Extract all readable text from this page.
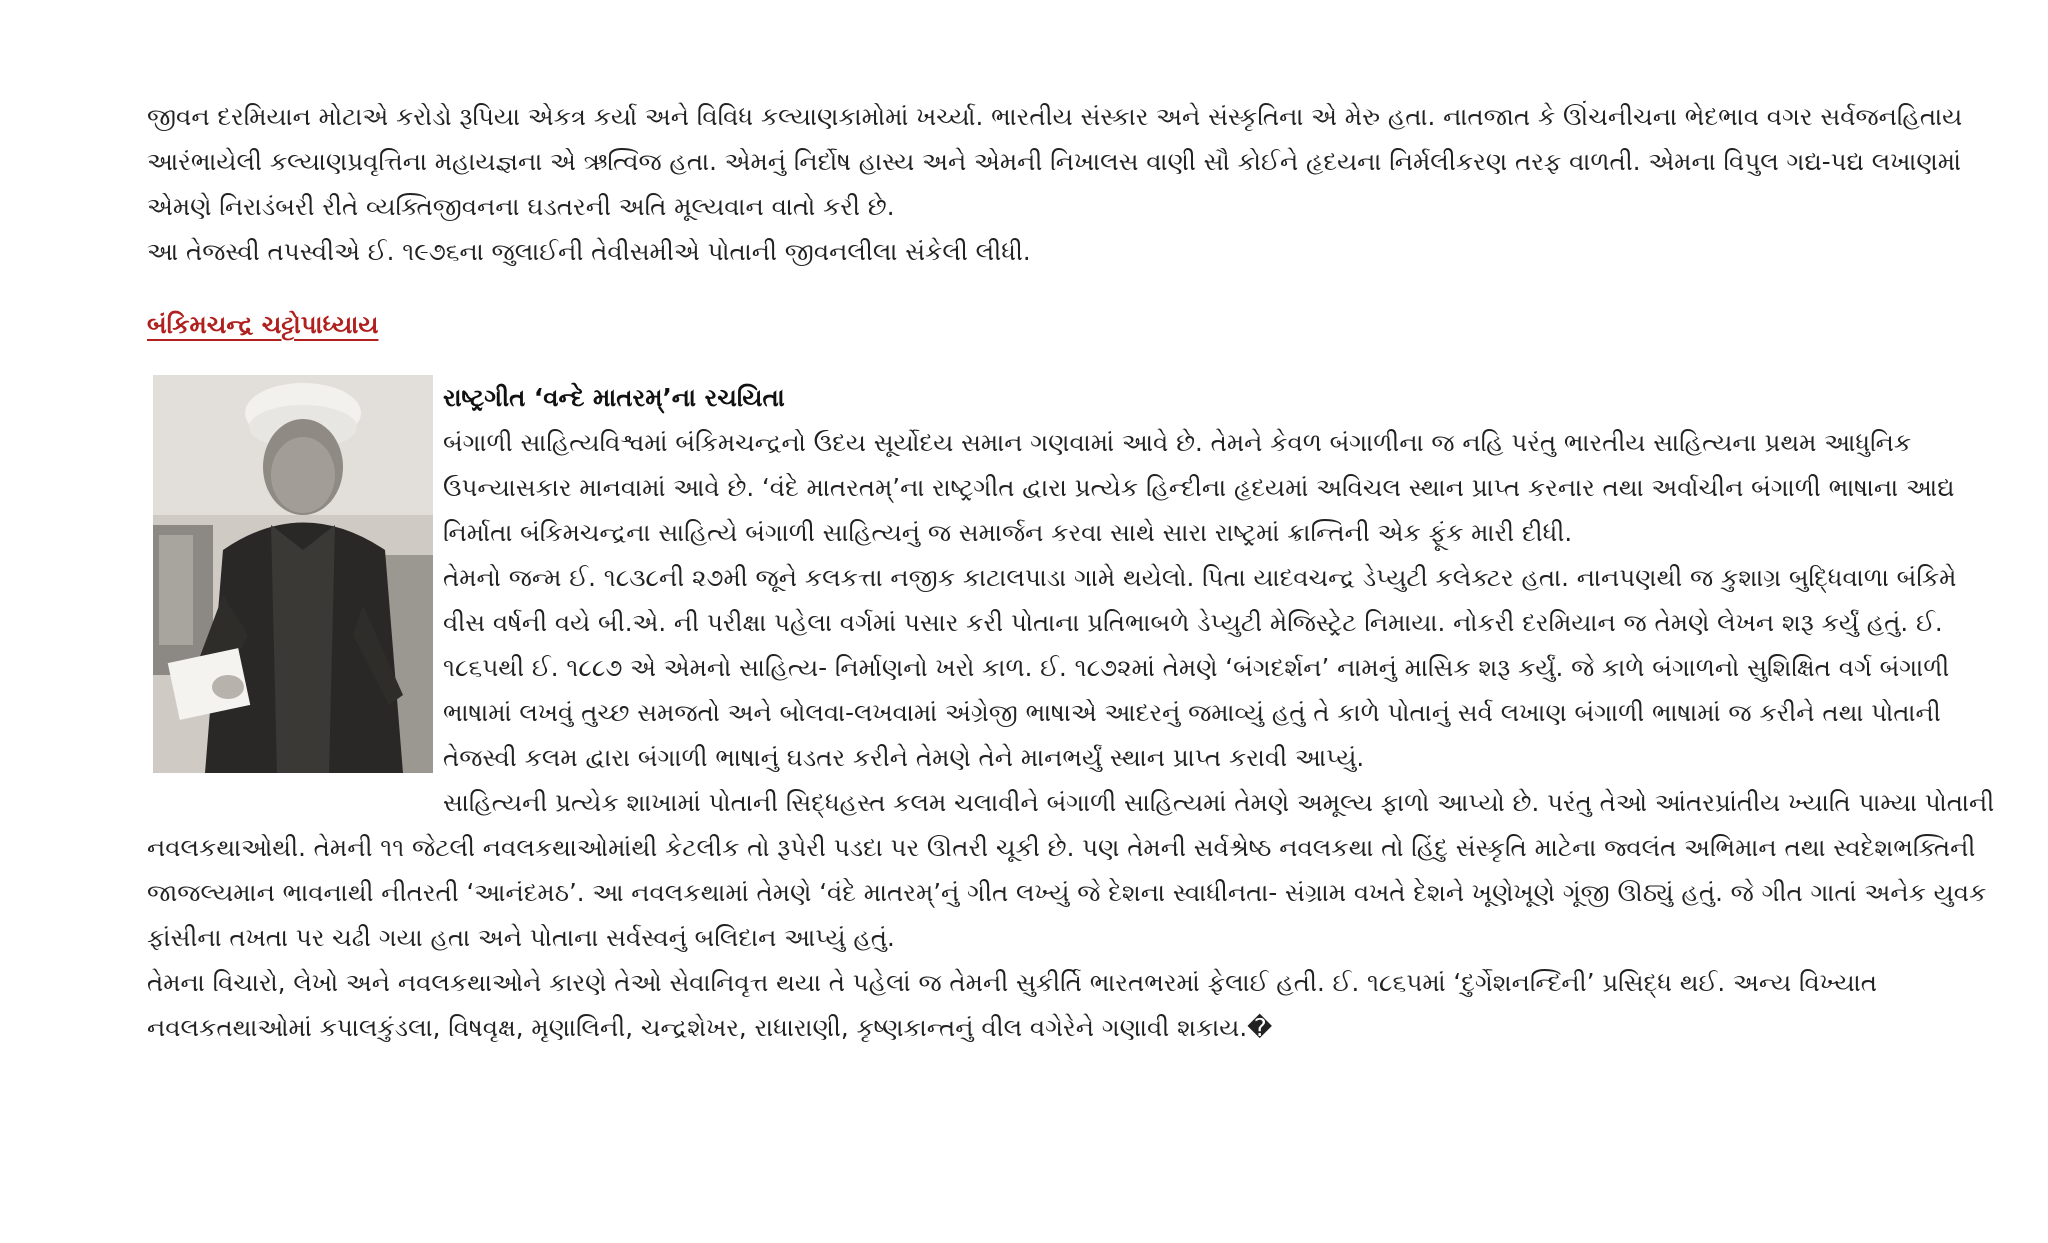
જીવન દરમિયાન મોટાએ કરોડો રૂપિયા એકત્ર કર્યા અને વિવિધ કલ્યાણકામોમાં ખર્ચ્યા. ભારતીય સંસ્કાર અને સંસ્કૃતિના એ મેરુ હતા. નાતજાત કે ઊંચનીચના ભેદભાવ વગર સર્વજનહિતાય આરંભાયેલી કલ્યાણપ્રવૃત્તિના મહાયજ્ઞના એ ઋત્વિજ હતા. એમનું નિર્દોષ હાસ્ય અને એમની નિખાલસ વાણી સૌ કોઈને હૃદયના નિર્મલીકરણ તરફ વાળતી. એમના વિપુલ ગદ્ય-પદ્ય લખાણમાં એમણે નિરાડંબરી રીતે વ્યક્તિજીવનના ઘડતરની અતિ મૂલ્યવાન વાતો કરી છે.

આ તેજસ્વી તપસ્વીએ ઈ. ૧૯૭૬ના જુલાઈની તેવીસમીએ પોતાની જીવનલીલા સંકેલી લીધી.

બંકિમચન્દ્ર ચટ્ટોપાધ્યાય

રાષ્ટ્રગીત ‘વન્દે માતરમ્’ના રચયિતા

બંગાળી સાહિત્યવિશ્વમાં બંકિમચન્દ્રનો ઉદય સૂર્યોદય સમાન ગણવામાં આવે છે. તેમને કેવળ બંગાળીના જ નહિ પરંતુ ભારતીય સાહિત્યના પ્રથમ આધુનિક ઉપન્યાસકાર માનવામાં આવે છે. ‘વંદે માતરતમ્’ના રાષ્ટ્રગીત દ્વારા પ્રત્યેક હિન્દીના હૃદયમાં અવિચલ સ્થાન પ્રાપ્ત કરનાર તથા અર્વાચીન બંગાળી ભાષાના આદ્ય નિર્માતા બંકિમચન્દ્રના સાહિત્યે બંગાળી સાહિત્યનું જ સમાર્જન કરવા સાથે સારા રાષ્ટ્રમાં ક્રાન્તિની એક ફૂંક મારી દીધી.

તેમનો જન્મ ઈ. ૧૮૩૮ની ૨૭મી જૂને કલકત્તા નજીક કાટાલપાડા ગામે થયેલો. પિતા યાદવચન્દ્ર ડેપ્યુટી કલેક્ટર હતા. નાનપણથી જ કુશાગ્ર બુદ્ધિવાળા બંકિમે વીસ વર્ષની વયે બી.એ. ની પરીક્ષા પહેલા વર્ગમાં પસાર કરી પોતાના પ્રતિભાબળે ડેપ્યુટી મેજિસ્ટ્રેટ નિમાયા. નોકરી દરમિયાન જ તેમણે લેખન શરૂ કર્યું હતું. ઈ. ૧૮૬૫થી ઈ. ૧૮૮૭ એ એમનો સાહિત્ય- નિર્માણનો ખરો કાળ. ઈ. ૧૮૭૨માં તેમણે ‘બંગદર્શન’ નામનું માસિક શરૂ કર્યું. જે કાળે બંગાળનો સુશિક્ષિત વર્ગ બંગાળી ભાષામાં લખવું તુચ્છ સમજતો અને બોલવા-લખવામાં અંગ્રેજી ભાષાએ આદરનું જમાવ્યું હતું તે કાળે પોતાનું સર્વ લખાણ બંગાળી ભાષામાં જ કરીને તથા પોતાની તેજસ્વી કલમ દ્વારા બંગાળી ભાષાનું ઘડતર કરીને તેમણે તેને માનભર્યું સ્થાન પ્રાપ્ત કરાવી આપ્યું.

સાહિત્યની પ્રત્યેક શાખામાં પોતાની સિદ્ધહસ્ત કલમ ચલાવીને બંગાળી સાહિત્યમાં તેમણે અમૂલ્ય ફાળો આપ્યો છે. પરંતુ તેઓ આંતરપ્રાંતીય ખ્યાતિ પામ્યા પોતાની નવલકથાઓથી. તેમની ૧૧ જેટલી નવલકથાઓમાંથી કેટલીક તો રૂપેરી પડદા પર ઊતરી ચૂકી છે. પણ તેમની સર્વશ્રેષ્ઠ નવલકથા તો હિંદુ સંસ્કૃતિ માટેના જ્વલંત અભિમાન તથા સ્વદેશભક્તિની જાજલ્યમાન ભાવનાથી નીતરતી ‘આનંદમઠ’. આ નવલકથામાં તેમણે ‘વંદે માતરમ્’નું ગીત લખ્યું જે દેશના સ્વાધીનતા- સંગ્રામ વખતે દેશને ખૂણેખૂણે ગૂંજી ઊઠ્યું હતું. જે ગીત ગાતાં અનેક યુવક ફાંસીના તખતા પર ચઢી ગયા હતા અને પોતાના સર્વસ્વનું બલિદાન આપ્યું હતું.

તેમના વિચારો, લેખો અને નવલકથાઓને કારણે તેઓ સેવાનિવૃત્ત થયા તે પહેલાં જ તેમની સુકીર્તિ ભારતભરમાં ફેલાઈ હતી. ઈ. ૧૮૬૫માં ‘દુર્ગેશનન્દિની’ પ્રસિદ્ધ થઈ. અન્ય વિખ્યાત નવલકતથાઓમાં કપાલકુંડલા, વિષવૃક્ષ, મૃણાલિની, ચન્દ્રશેખર, રાધારાણી, કૃષ્ણકાન્તનું વીલ વગેરેને ગણાવી શકાય.�
